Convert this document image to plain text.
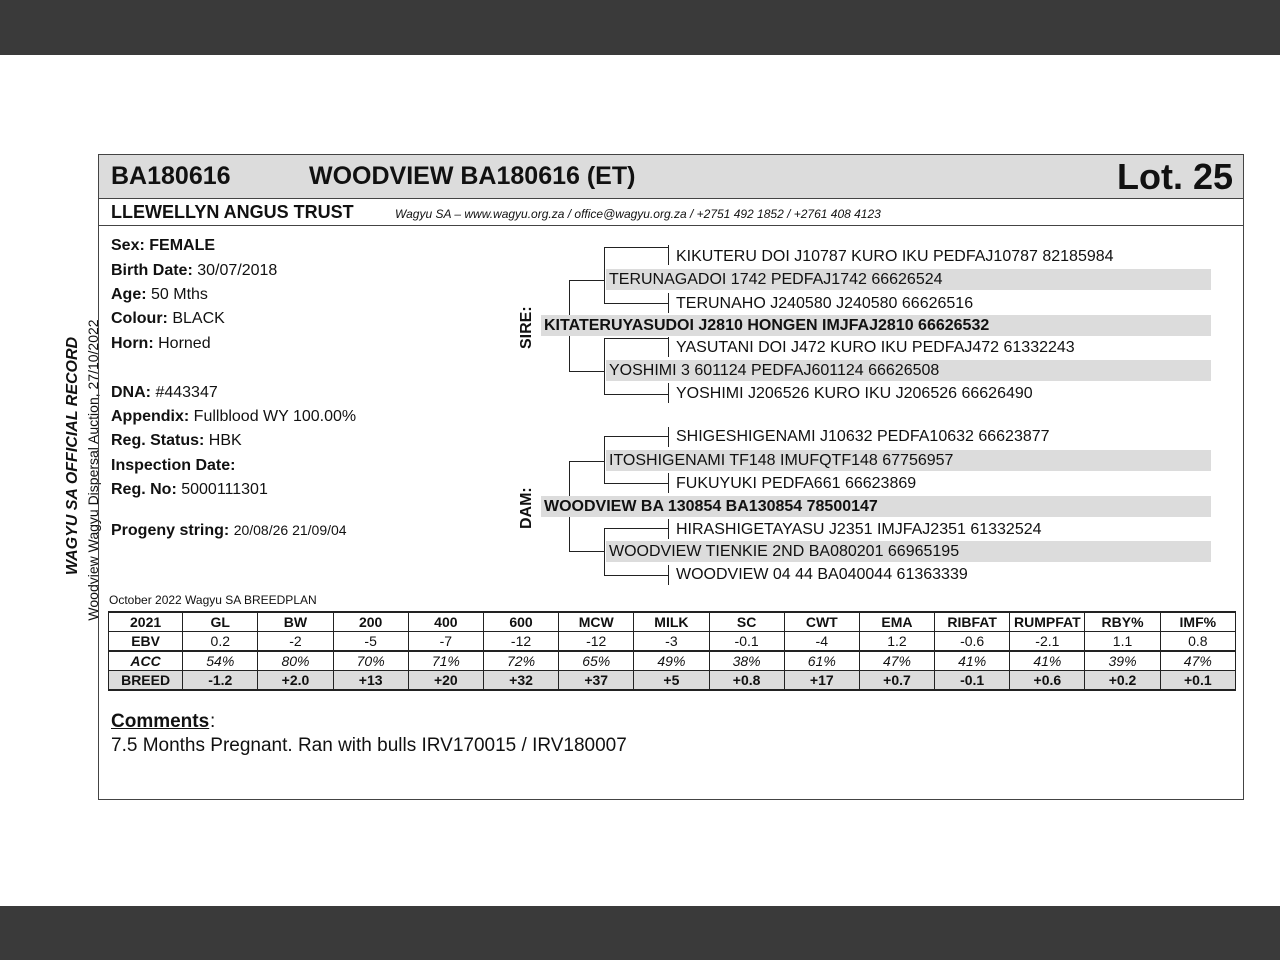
WAGYU SA OFFICIAL RECORD Woodview Wagyu Dispersal Auction, 27/10/2022
BA180616	WOODVIEW BA180616 (ET)	Lot. 25
LLEWELLYN ANGUS TRUST	Wagyu SA – www.wagyu.org.za / office@wagyu.org.za / +2751 492 1852 / +2761 408 4123
Sex: FEMALE
Birth Date: 30/07/2018
Age: 50 Mths
Colour: BLACK
Horn: Horned
DNA: #443347
Appendix: Fullblood WY 100.00%
Reg. Status: HBK
Inspection Date:
Reg. No: 5000111301
Progeny string: 20/08/26 21/09/04
SIRE:
DAM:
KIKUTERU DOI J10787 KURO IKU PEDFAJ10787 82185984
TERUNAGADOI 1742 PEDFAJ1742 66626524
TERUNAHO J240580 J240580 66626516
KITATERUYASUDOI J2810 HONGEN IMJFAJ2810 66626532
YASUTANI DOI J472 KURO IKU PEDFAJ472 61332243
YOSHIMI 3 601124 PEDFAJ601124 66626508
YOSHIMI J206526 KURO IKU J206526 66626490
SHIGESHIGENAMI J10632 PEDFA10632 66623877
ITOSHIGENAMI TF148 IMUFQTF148 67756957
FUKUYUKI PEDFA661 66623869
WOODVIEW BA 130854 BA130854 78500147
HIRASHIGETAYASU J2351 IMJFAJ2351 61332524
WOODVIEW TIENKIE 2ND BA080201 66965195
WOODVIEW 04 44 BA040044 61363339
October 2022 Wagyu SA BREEDPLAN
2021	GL	BW	200	400	600	MCW	MILK	SC	CWT	EMA	RIBFAT	RUMPFAT	RBY%	IMF%
EBV	0.2	-2	-5	-7	-12	-12	-3	-0.1	-4	1.2	-0.6	-2.1	1.1	0.8
ACC	54%	80%	70%	71%	72%	65%	49%	38%	61%	47%	41%	41%	39%	47%
BREED	-1.2	+2.0	+13	+20	+32	+37	+5	+0.8	+17	+0.7	-0.1	+0.6	+0.2	+0.1
Comments :
7.5 Months Pregnant. Ran with bulls IRV170015 / IRV180007
